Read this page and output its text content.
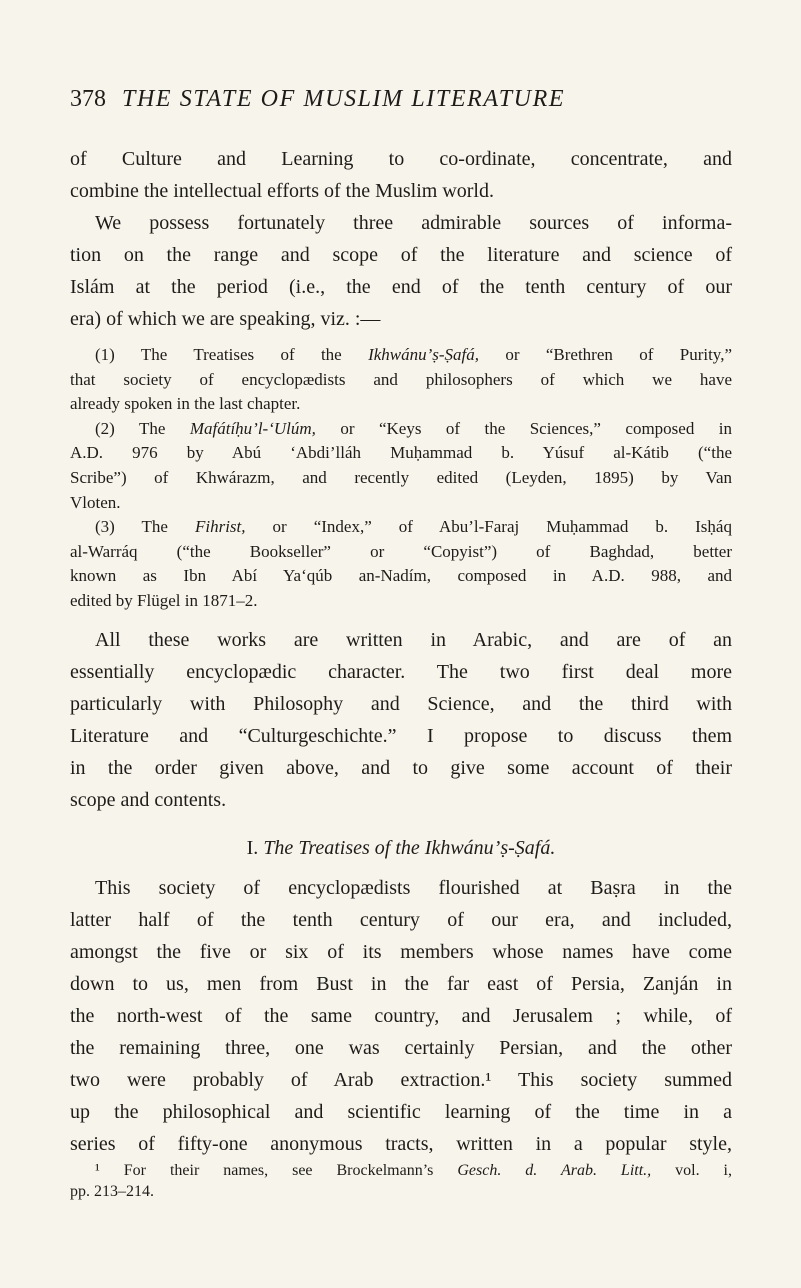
378 THE STATE OF MUSLIM LITERATURE
of Culture and Learning to co-ordinate, concentrate, and
combine the intellectual efforts of the Muslim world.
We possess fortunately three admirable sources of informa-
tion on the range and scope of the literature and science of
Islám at the period (i.e., the end of the tenth century of our
era) of which we are speaking, viz. :—
(1) The Treatises of the Ikhwánu’ṣ-Ṣafá, or “Brethren of Purity,”
that society of encyclopædists and philosophers of which we have
already spoken in the last chapter.
(2) The Mafátíḥu’l-‘Ulúm, or “Keys of the Sciences,” composed in
A.D. 976 by Abú ‘Abdi’lláh Muḥammad b. Yúsuf al-Kátib (“the
Scribe”) of Khwárazm, and recently edited (Leyden, 1895) by Van
Vloten.
(3) The Fihrist, or “Index,” of Abu’l-Faraj Muḥammad b. Isḥáq
al-Warráq (“the Bookseller” or “Copyist”) of Baghdad, better
known as Ibn Abí Ya‘qúb an-Nadím, composed in A.D. 988, and
edited by Flügel in 1871–2.
All these works are written in Arabic, and are of an
essentially encyclopædic character. The two first deal more
particularly with Philosophy and Science, and the third with
Literature and “Culturgeschichte.” I propose to discuss them
in the order given above, and to give some account of their
scope and contents.
I. The Treatises of the Ikhwánu’ṣ-Ṣafá.
This society of encyclopædists flourished at Baṣra in the
latter half of the tenth century of our era, and included,
amongst the five or six of its members whose names have come
down to us, men from Bust in the far east of Persia, Zanján in
the north-west of the same country, and Jerusalem ; while, of
the remaining three, one was certainly Persian, and the other
two were probably of Arab extraction.¹ This society summed
up the philosophical and scientific learning of the time in a
series of fifty-one anonymous tracts, written in a popular style,
¹ For their names, see Brockelmann’s Gesch. d. Arab. Litt., vol. i,
pp. 213–214.
